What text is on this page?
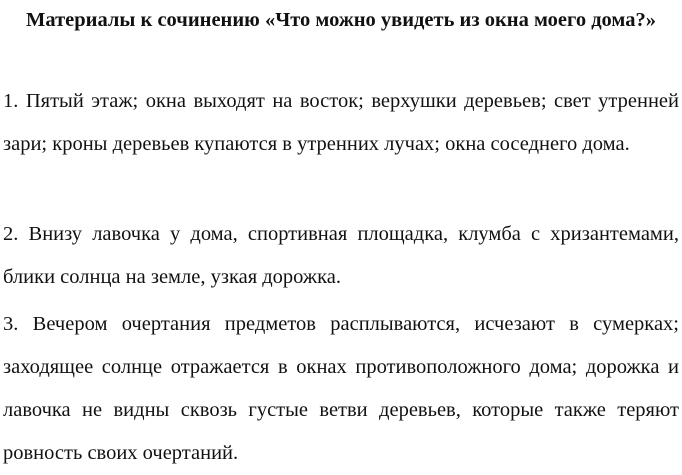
Материалы к сочинению «Что можно увидеть из окна моего дома?»

1. Пятый этаж; окна выходят на восток; верхушки деревьев; свет утренней зари; кроны деревьев купаются в утренних лучах; окна соседнего дома.

2. Внизу лавочка у дома, спортивная площадка, клумба с хризантемами, блики солнца на земле, узкая дорожка.

3. Вечером очертания предметов расплываются, исчезают в сумерках; заходящее солнце отражается в окнах противоположного дома; дорожка и лавочка не видны сквозь густые ветви деревьев, которые также теряют ровность своих очертаний.
